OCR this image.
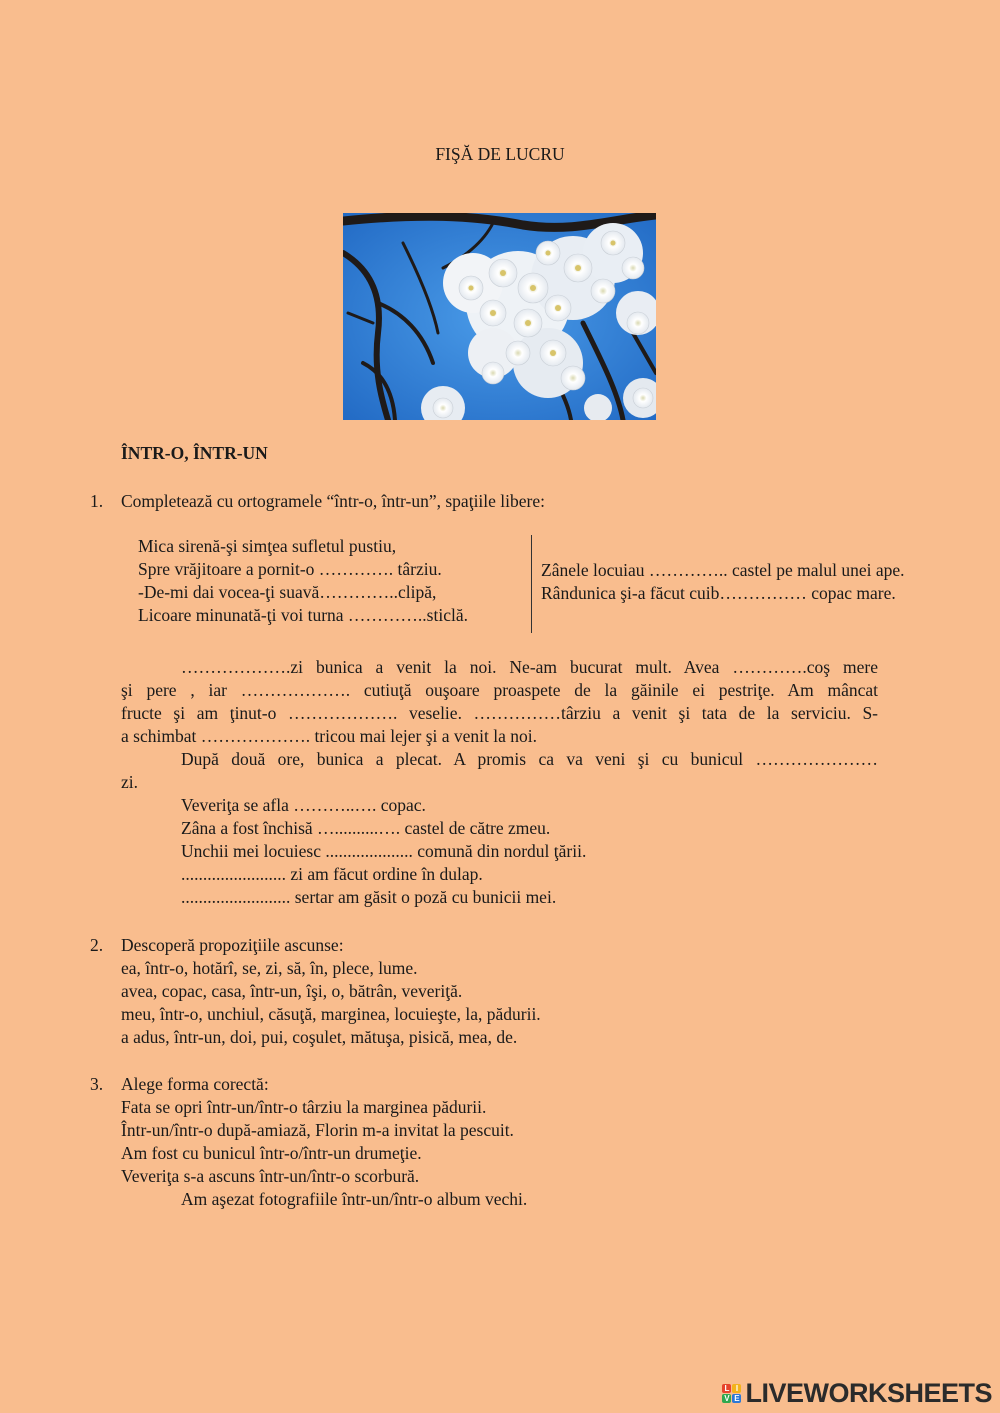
FIŞĂ DE LUCRU
ÎNTR-O, ÎNTR-UN
1. Completează cu ortogramele “într-o, într-un”, spaţiile libere:
Mica sirenă-şi simţea sufletul pustiu,
Spre vrăjitoare a pornit-o …………. târziu.
-De-mi dai vocea-ţi suavă…………..clipă,
Licoare minunată-ţi voi turna …………..sticlă.
Zânele locuiau ………….. castel pe malul unei ape.
Rândunica şi-a făcut cuib…………… copac mare.
……………….zi bunica a venit la noi. Ne-am bucurat mult. Avea ………….coş mere
şi pere , iar ………………. cutiuţă ouşoare proaspete de la găinile ei pestriţe. Am mâncat
fructe şi am ţinut-o ………………. veselie. ……………târziu a venit şi tata de la serviciu. S-
a schimbat ………………. tricou mai lejer şi a venit la noi.
După două ore, bunica a plecat. A promis ca va veni şi cu bunicul …………………
zi.
Veveriţa se afla ………..…. copac.
Zâna a fost închisă …..........…. castel de către zmeu.
Unchii mei locuiesc .................... comună din nordul ţării.
........................ zi am făcut ordine în dulap.
......................... sertar am găsit o poză cu bunicii mei.
2. Descoperă propoziţiile ascunse:
ea, într-o, hotărî, se, zi, să, în, plece, lume.
avea, copac, casa, într-un, îşi, o, bătrân, veveriţă.
meu, într-o, unchiul, căsuţă, marginea, locuieşte, la, pădurii.
a adus, într-un, doi, pui, coşulet, mătuşa, pisică, mea, de.
3. Alege forma corectă:
Fata se opri într-un/într-o târziu la marginea pădurii.
Într-un/într-o după-amiază, Florin m-a invitat la pescuit.
Am fost cu bunicul într-o/într-un drumeţie.
Veveriţa s-a ascuns într-un/într-o scorbură.
Am aşezat fotografiile într-un/într-o album vechi.
L I
V E LIVEWORKSHEETS
